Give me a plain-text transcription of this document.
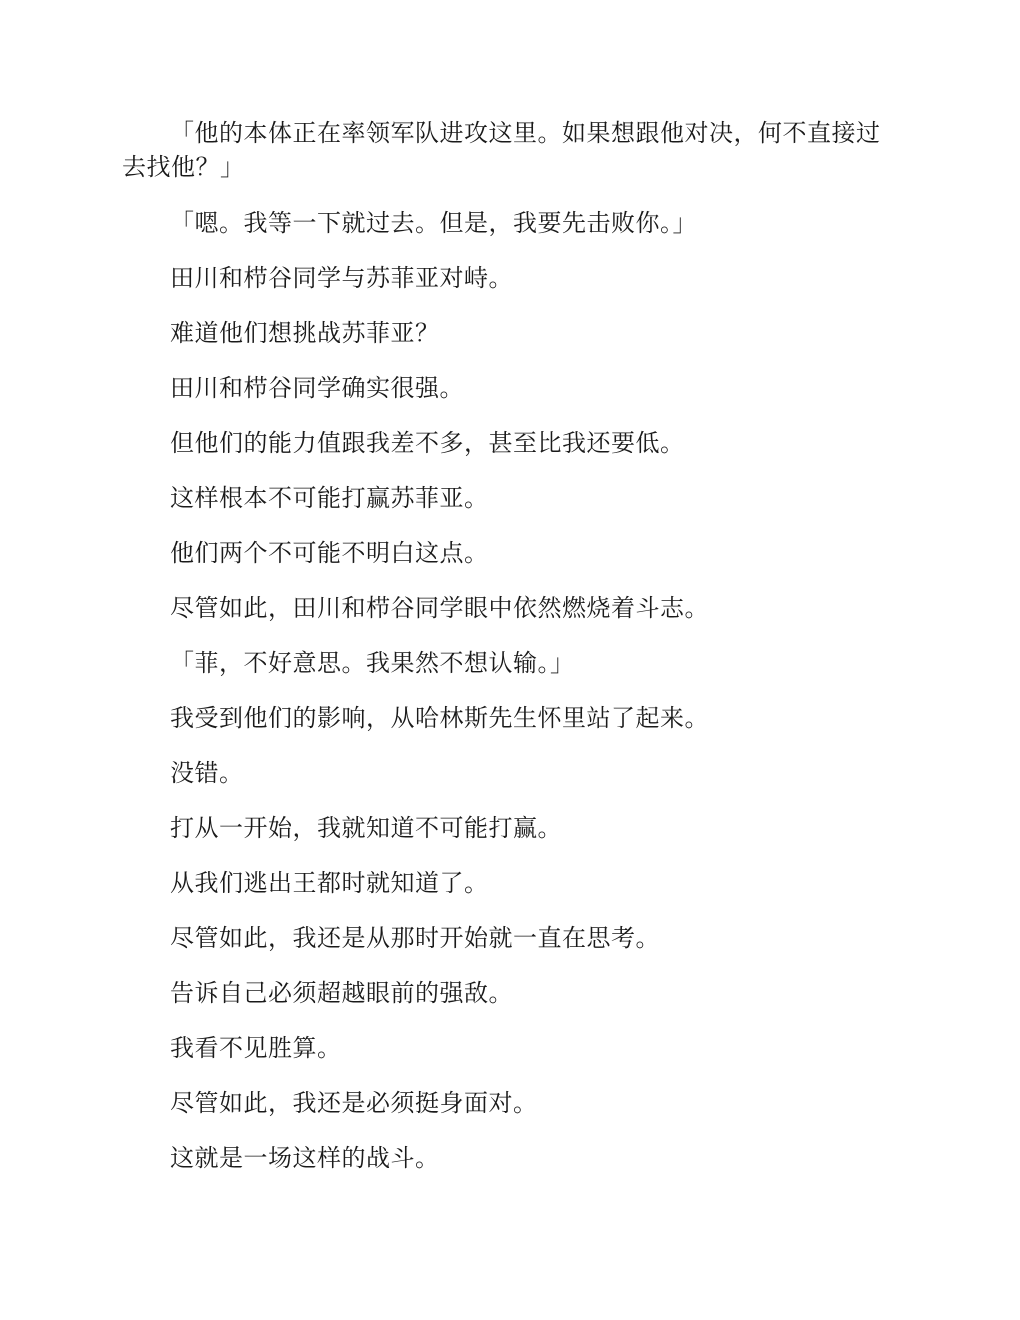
「他的本体正在率领军队进攻这里。如果想跟他对决，何不直接过去找他？」

「嗯。我等一下就过去。但是，我要先击败你。」

田川和栉谷同学与苏菲亚对峙。

难道他们想挑战苏菲亚？

田川和栉谷同学确实很强。

但他们的能力值跟我差不多，甚至比我还要低。

这样根本不可能打赢苏菲亚。

他们两个不可能不明白这点。

尽管如此，田川和栉谷同学眼中依然燃烧着斗志。

「菲，不好意思。我果然不想认输。」

我受到他们的影响，从哈林斯先生怀里站了起来。

没错。

打从一开始，我就知道不可能打赢。

从我们逃出王都时就知道了。

尽管如此，我还是从那时开始就一直在思考。

告诉自己必须超越眼前的强敌。

我看不见胜算。

尽管如此，我还是必须挺身面对。

这就是一场这样的战斗。
